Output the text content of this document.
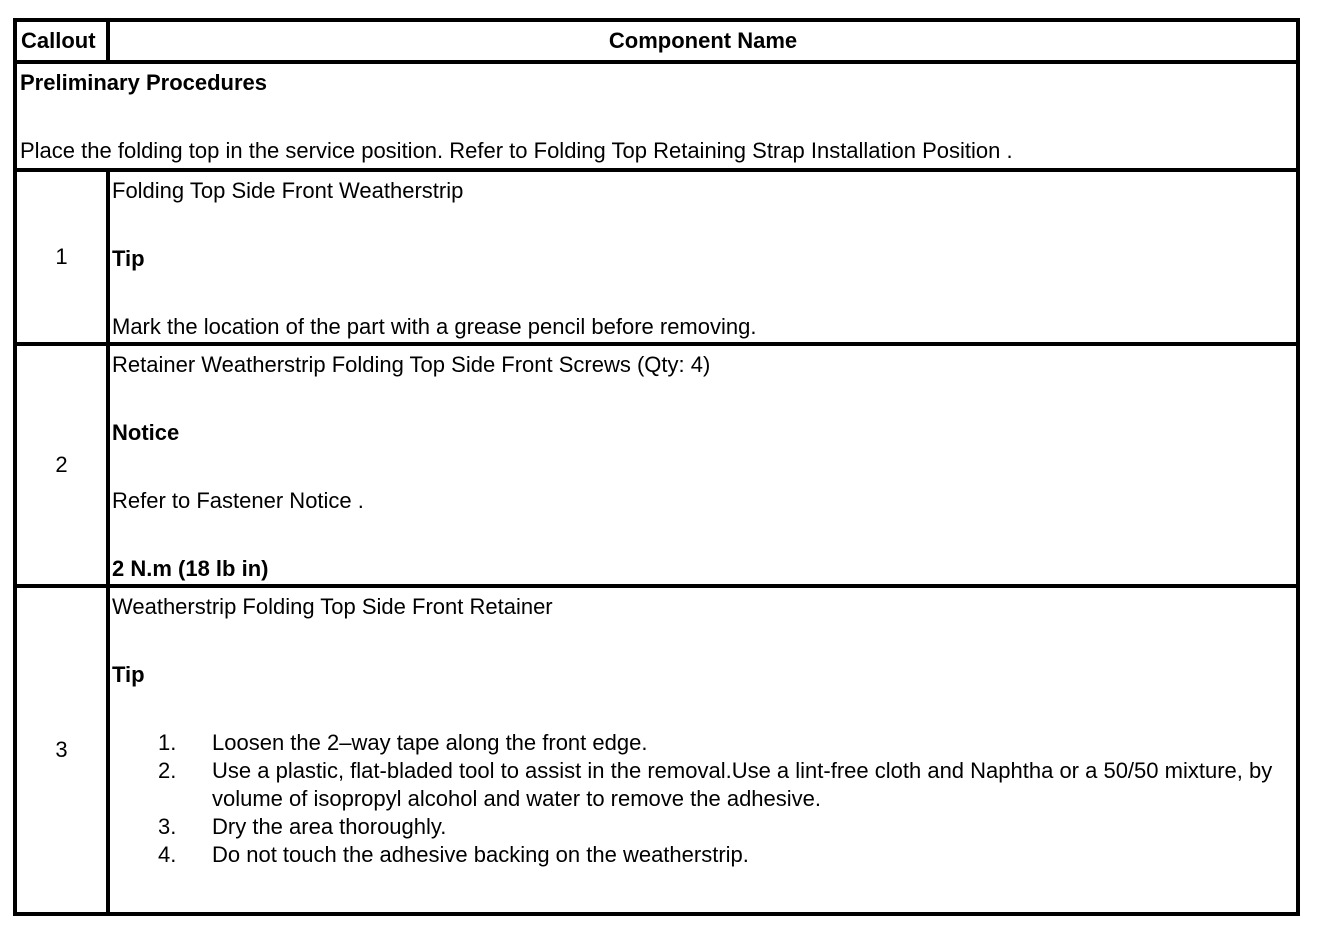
Callout	Component Name
Preliminary Procedures
Place the folding top in the service position. Refer to Folding Top Retaining Strap Installation Position .
1
Folding Top Side Front Weatherstrip
Tip
Mark the location of the part with a grease pencil before removing.
2
Retainer Weatherstrip Folding Top Side Front Screws (Qty: 4)
Notice
Refer to Fastener Notice .
2 N.m (18 lb in)
3
Weatherstrip Folding Top Side Front Retainer
Tip
1. Loosen the 2–way tape along the front edge.
2. Use a plastic, flat-bladed tool to assist in the removal.Use a lint-free cloth and Naphtha or a 50/50 mixture, by volume of isopropyl alcohol and water to remove the adhesive.
3. Dry the area thoroughly.
4. Do not touch the adhesive backing on the weatherstrip.
